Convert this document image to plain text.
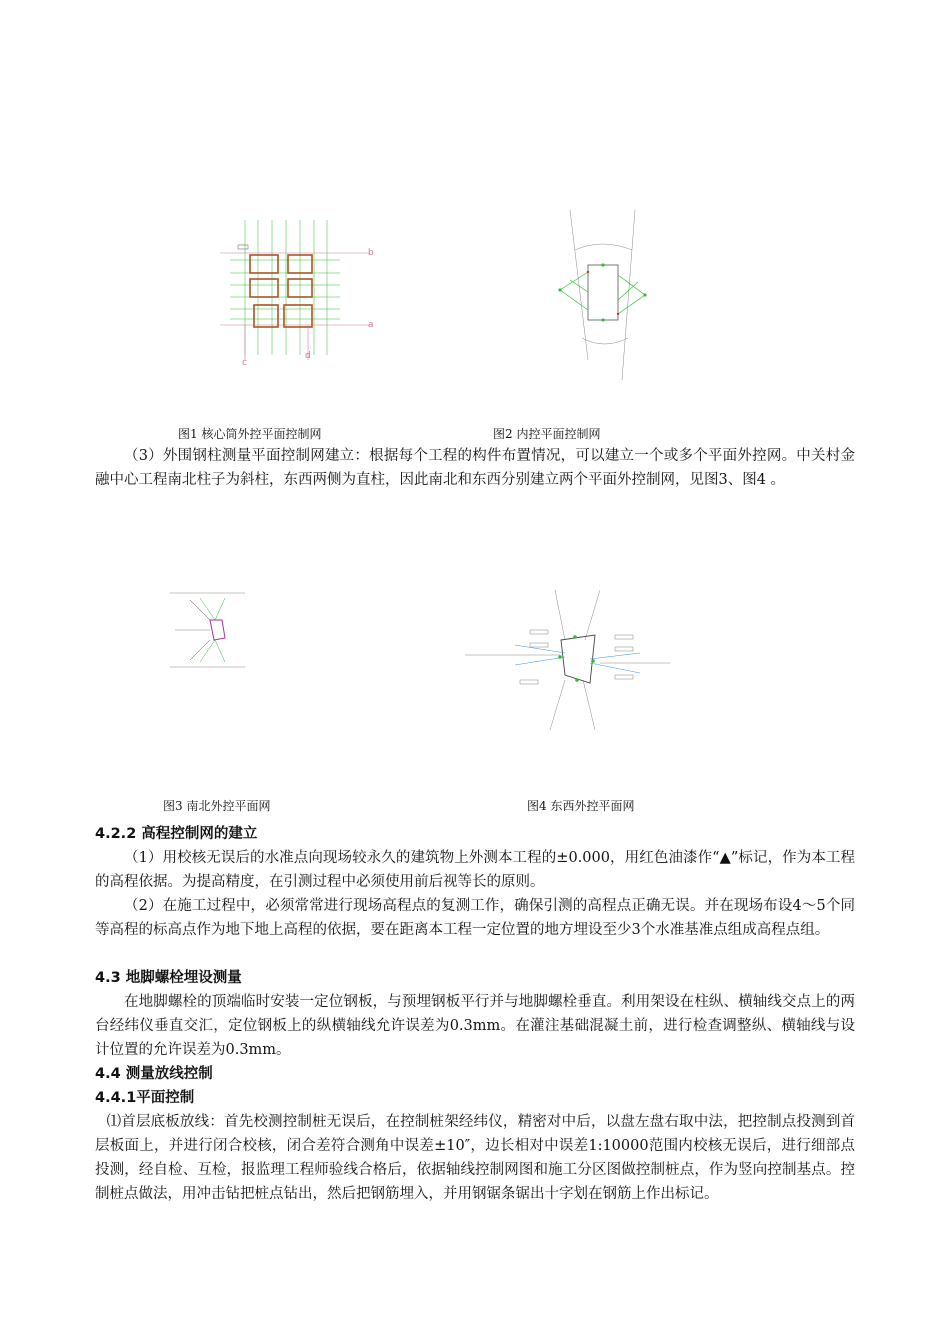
b
a
c
d
图1 核心筒外控平面控制网	图2 内控平面控制网

（3）外围钢柱测量平面控制网建立：根据每个工程的构件布置情况，可以建立一个或多个平面外控网。中关村金融中心工程南北柱子为斜柱，东西两侧为直柱，因此南北和东西分别建立两个平面外控制网，见图3、图4 。

图3 南北外控平面网	图4 东西外控平面网
4.2.2 高程控制网的建立

（1）用校核无误后的水准点向现场较永久的建筑物上外测本工程的±0.000，用红色油漆作“▲”标记，作为本工程的高程依据。为提高精度，在引测过程中必须使用前后视等长的原则。

（2）在施工过程中，必须常常进行现场高程点的复测工作，确保引测的高程点正确无误。并在现场布设4～5个同等高程的标高点作为地下地上高程的依据，要在距离本工程一定位置的地方埋设至少3个水准基准点组成高程点组。

4.3 地脚螺栓埋设测量

在地脚螺栓的顶端临时安装一定位钢板，与预埋钢板平行并与地脚螺栓垂直。利用架设在柱纵、横轴线交点上的两台经纬仪垂直交汇，定位钢板上的纵横轴线允许误差为0.3mm。在灌注基础混凝土前，进行检查调整纵、横轴线与设计位置的允许误差为0.3mm。

4.4 测量放线控制
4.4.1平面控制

⑴首层底板放线：首先校测控制桩无误后，在控制桩架经纬仪，精密对中后，以盘左盘右取中法，把控制点投测到首层板面上，并进行闭合校核，闭合差符合测角中误差±10″，边长相对中误差1:10000范围内校核无误后，进行细部点投测，经自检、互检，报监理工程师验线合格后，依据轴线控制网图和施工分区图做控制桩点，作为竖向控制基点。控制桩点做法，用冲击钻把桩点钻出，然后把钢筋埋入，并用钢锯条锯出十字划在钢筋上作出标记。
